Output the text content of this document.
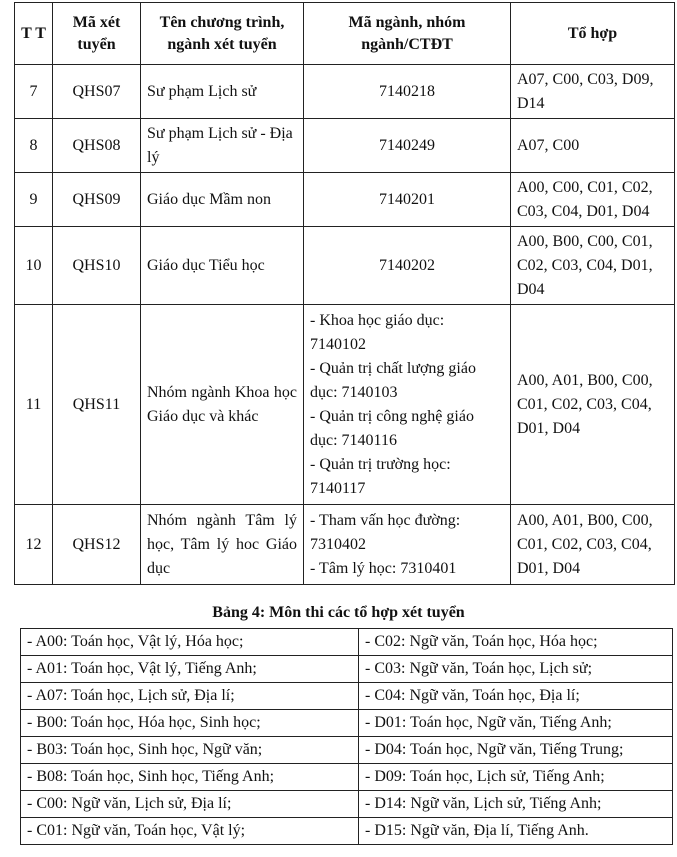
T T	Mã xét tuyển	Tên chương trình, ngành xét tuyển	Mã ngành, nhóm ngành/CTĐT	Tổ hợp
7	QHS07	Sư phạm Lịch sử	7140218	A07, C00, C03, D09, D14
8	QHS08	Sư phạm Lịch sử - Địa lý	7140249	A07, C00
9	QHS09	Giáo dục Mầm non	7140201	A00, C00, C01, C02, C03, C04, D01, D04
10	QHS10	Giáo dục Tiểu học	7140202	A00, B00, C00, C01, C02, C03, C04, D01, D04
11	QHS11	Nhóm ngành Khoa học Giáo dục và khác	- Khoa học giáo dục: 7140102

- Quản trị chất lượng giáo dục: 7140103

- Quản trị công nghệ giáo dục: 7140116

- Quản trị trường học: 7140117	A00, A01, B00, C00, C01, C02, C03, C04, D01, D04
12	QHS12	Nhóm ngành Tâm lý học, Tâm lý hoc Giáo dục	- Tham vấn học đường: 7310402

- Tâm lý học: 7310401	A00, A01, B00, C00, C01, C02, C03, C04, D01, D04
Bảng 4: Môn thi các tổ hợp xét tuyển
- A00: Toán học, Vật lý, Hóa học;	- C02: Ngữ văn, Toán học, Hóa học;
- A01: Toán học, Vật lý, Tiếng Anh;	- C03: Ngữ văn, Toán học, Lịch sử;
- A07: Toán học, Lịch sử, Địa lí;	- C04: Ngữ văn, Toán học, Địa lí;
- B00: Toán học, Hóa học, Sinh học;	- D01: Toán học, Ngữ văn, Tiếng Anh;
- B03: Toán học, Sinh học, Ngữ văn;	- D04: Toán học, Ngữ văn, Tiếng Trung;
- B08: Toán học, Sinh học, Tiếng Anh;	- D09: Toán học, Lịch sử, Tiếng Anh;
- C00: Ngữ văn, Lịch sử, Địa lí;	- D14: Ngữ văn, Lịch sử, Tiếng Anh;
- C01: Ngữ văn, Toán học, Vật lý;	- D15: Ngữ văn, Địa lí, Tiếng Anh.
